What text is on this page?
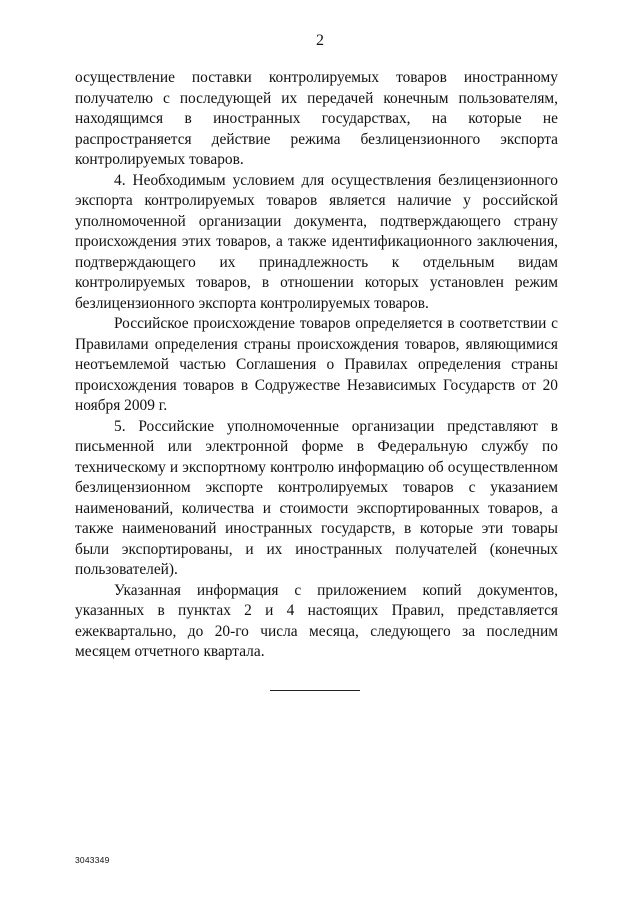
2

осуществление поставки контролируемых товаров иностранному получателю с последующей их передачей конечным пользователям, находящимся в иностранных государствах, на которые не распространяется действие режима безлицензионного экспорта контролируемых товаров.

4. Необходимым условием для осуществления безлицензионного экспорта контролируемых товаров является наличие у российской уполномоченной организации документа, подтверждающего страну происхождения этих товаров, а также идентификационного заключения, подтверждающего их принадлежность к отдельным видам контролируемых товаров, в отношении которых установлен режим безлицензионного экспорта контролируемых товаров.

Российское происхождение товаров определяется в соответствии с Правилами определения страны происхождения товаров, являющимися неотъемлемой частью Соглашения о Правилах определения страны происхождения товаров в Содружестве Независимых Государств от 20 ноября 2009 г.

5. Российские уполномоченные организации представляют в письменной или электронной форме в Федеральную службу по техническому и экспортному контролю информацию об осуществленном безлицензионном экспорте контролируемых товаров с указанием наименований, количества и стоимости экспортированных товаров, а также наименований иностранных государств, в которые эти товары были экспортированы, и их иностранных получателей (конечных пользователей).

Указанная информация с приложением копий документов, указанных в пунктах 2 и 4 настоящих Правил, представляется ежеквартально, до 20-го числа месяца, следующего за последним месяцем отчетного квартала.

3043349
